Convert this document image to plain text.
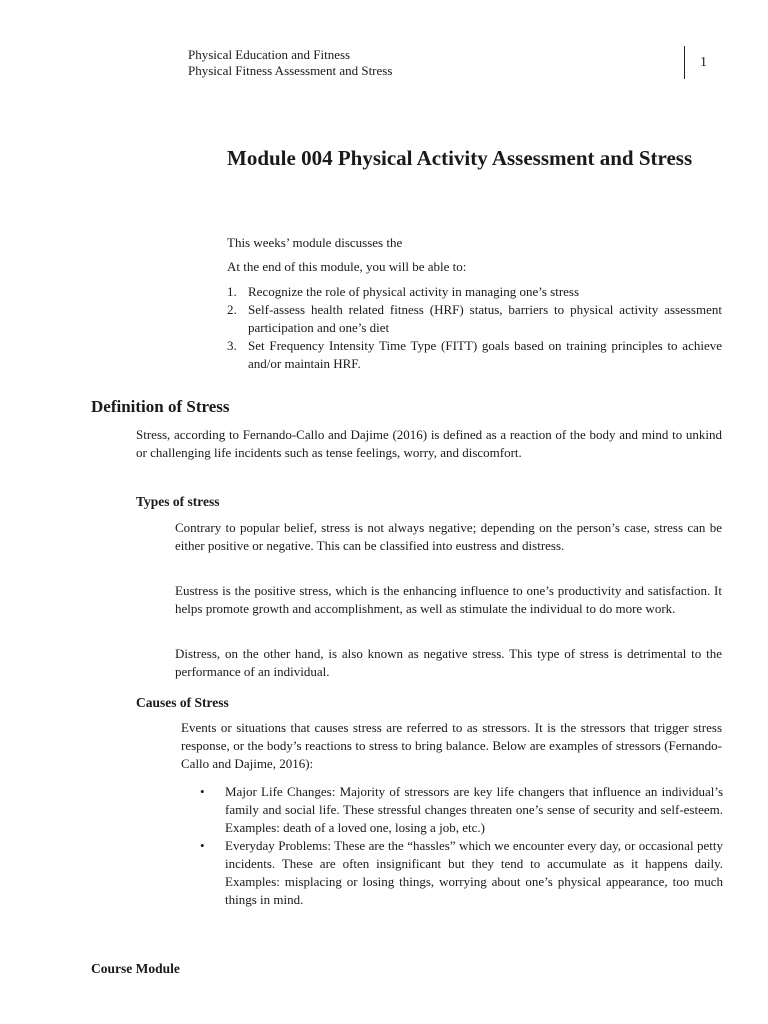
Physical Education and Fitness
Physical Fitness Assessment and Stress
1
Module 004 Physical Activity Assessment and Stress

This weeks’ module discusses the

At the end of this module, you will be able to:

1. Recognize the role of physical activity in managing one’s stress
2. Self-assess health related fitness (HRF) status, barriers to physical activity assessment participation and one’s diet
3. Set Frequency Intensity Time Type (FITT) goals based on training principles to achieve and/or maintain HRF.
Definition of Stress
Stress, according to Fernando-Callo and Dajime (2016) is defined as a reaction of the body and mind to unkind or challenging life incidents such as tense feelings, worry, and discomfort.
Types of stress
Contrary to popular belief, stress is not always negative; depending on the person’s case, stress can be either positive or negative. This can be classified into eustress and distress.
Eustress is the positive stress, which is the enhancing influence to one’s productivity and satisfaction. It helps promote growth and accomplishment, as well as stimulate the individual to do more work.
Distress, on the other hand, is also known as negative stress. This type of stress is detrimental to the performance of an individual.
Causes of Stress
Events or situations that causes stress are referred to as stressors. It is the stressors that trigger stress response, or the body’s reactions to stress to bring balance. Below are examples of stressors (Fernando-Callo and Dajime, 2016):
• Major Life Changes: Majority of stressors are key life changers that influence an individual’s family and social life. These stressful changes threaten one’s sense of security and self-esteem. Examples: death of a loved one, losing a job, etc.)
• Everyday Problems: These are the “hassles” which we encounter every day, or occasional petty incidents. These are often insignificant but they tend to accumulate as it happens daily. Examples: misplacing or losing things, worrying about one’s physical appearance, too much things in mind.
Course Module
